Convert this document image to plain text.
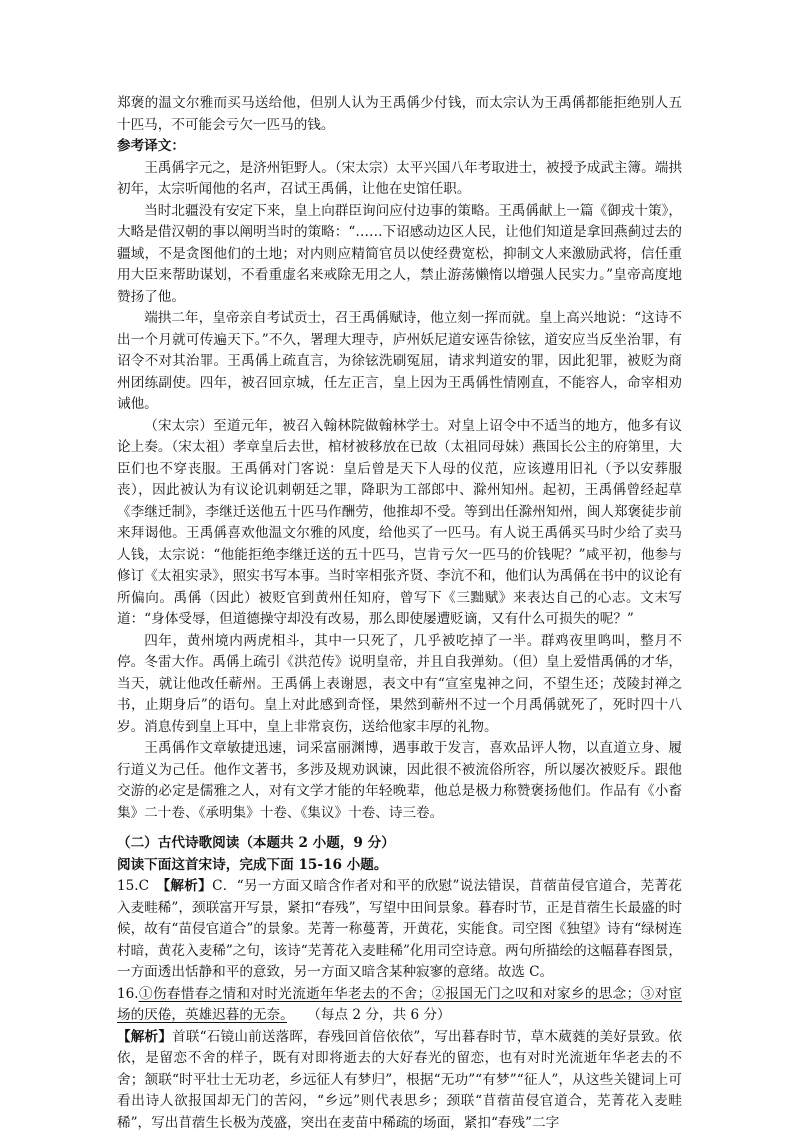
郑褒的温文尔雅而买马送给他，但别人认为王禹偁少付钱，而太宗认为王禹偁都能拒绝别人五十匹马，不可能会亏欠一匹马的钱。

参考译文：

王禹偁字元之，是济州钜野人。（宋太宗）太平兴国八年考取进士，被授予成武主簿。端拱初年，太宗听闻他的名声，召试王禹偁，让他在史馆任职。

当时北疆没有安定下来，皇上向群臣询问应付边事的策略。王禹偁献上一篇《御戎十策》，大略是借汉朝的事以阐明当时的策略：“……下诏感动边区人民，让他们知道是拿回燕蓟过去的疆域，不是贪图他们的土地；对内则应精简官员以使经费宽松，抑制文人来激励武将，信任重用大臣来帮助谋划，不看重虚名来戒除无用之人，禁止游荡懒惰以增强人民实力。”皇帝高度地赞扬了他。

端拱二年，皇帝亲自考试贡士，召王禹偁赋诗，他立刻一挥而就。皇上高兴地说：“这诗不出一个月就可传遍天下。”不久，署理大理寺，庐州妖尼道安诬告徐铉，道安应当反坐治罪，有诏令不对其治罪。王禹偁上疏直言，为徐铉洗刷冤屈，请求判道安的罪，因此犯罪，被贬为商州团练副使。四年，被召回京城，任左正言，皇上因为王禹偁性情刚直，不能容人，命宰相劝诫他。

（宋太宗）至道元年，被召入翰林院做翰林学士。对皇上诏令中不适当的地方，他多有议论上奏。（宋太祖）孝章皇后去世，棺材被移放在已故（太祖同母妹）燕国长公主的府第里，大臣们也不穿丧服。王禹偁对门客说：皇后曾是天下人母的仪范，应该遵用旧礼（予以安葬服丧），因此被认为有议论讥刺朝廷之罪，降职为工部郎中、滁州知州。起初，王禹偁曾经起草《李继迁制》，李继迁送他五十匹马作酬劳，他推却不受。等到出任滁州知州，闽人郑褒徒步前来拜谒他。王禹偁喜欢他温文尔雅的风度，给他买了一匹马。有人说王禹偁买马时少给了卖马人钱，太宗说：“他能拒绝李继迁送的五十匹马，岂肯亏欠一匹马的价钱呢？”咸平初，他参与修订《太祖实录》，照实书写本事。当时宰相张齐贤、李沆不和，他们认为禹偁在书中的议论有所偏向。禹偁（因此）被贬官到黄州任知府，曾写下《三黜赋》来表达自己的心志。文末写道：“身体受辱，但道德操守却没有改易，那么即使屡遭贬谪，又有什么可损失的呢？”

四年，黄州境内两虎相斗，其中一只死了，几乎被吃掉了一半。群鸡夜里鸣叫，整月不停。冬雷大作。禹偁上疏引《洪范传》说明皇帝，并且自我弹劾。（但）皇上爱惜禹偁的才华，当天，就让他改任蕲州。王禹偁上表谢恩，表文中有“宣室鬼神之问，不望生还；茂陵封禅之书，止期身后”的语句。皇上对此感到奇怪，果然到蕲州不过一个月禹偁就死了，死时四十八岁。消息传到皇上耳中，皇上非常哀伤，送给他家丰厚的礼物。

王禹偁作文章敏捷迅速，词采富丽渊博，遇事敢于发言，喜欢品评人物，以直道立身、履行道义为己任。他作文著书，多涉及规劝讽谏，因此很不被流俗所容，所以屡次被贬斥。跟他交游的必定是儒雅之人，对有文学才能的年轻晚辈，他总是极力称赞褒扬他们。作品有《小畜集》二十卷、《承明集》十卷、《集议》十卷、诗三卷。

（二）古代诗歌阅读（本题共 2 小题，9 分）

阅读下面这首宋诗，完成下面 15-16 小题。

15.C　 【解析】C．“另一方面又暗含作者对和平的欣慰”说法错误，苜蓿苗侵官道合，芜菁花入麦畦稀”，颈联富开写景，紧扣“春残”，写望中田间景象。暮春时节，正是苜蓿生长最盛的时候，故有“苗侵官道合”的景象。芜菁一称蔓菁，开黄花，实能食。司空图《独望》诗有“绿树连村暗，黄花入麦稀”之句，该诗“芜菁花入麦畦稀”化用司空诗意。两句所描绘的这幅暮春图景，一方面透出恬静和平的意致，另一方面又暗含某种寂寥的意绪。故选 C。

16.①伤春惜春之情和对时光流逝年华老去的不舍；②报国无门之叹和对家乡的思念；③对宦场的厌倦，英雄迟暮的无奈。　　 （每点 2 分，共 6 分）

【解析】首联“石镜山前送落晖，春残回首倍依依”，写出暮春时节，草木葳蕤的美好景致。依依，是留恋不舍的样子，既有对即将逝去的大好春光的留恋，也有对时光流逝年华老去的不舍；颔联“时平壮士无功老，乡远征人有梦归”，根据“无功”“有梦”“征人”，从这些关键词上可看出诗人欲报国却无门的苦闷，“乡远”则代表思乡；颈联“苜蓿苗侵官道合，芜菁花入麦畦稀”，写出苜蓿生长极为茂盛，突出在麦苗中稀疏的场面，紧扣“春残”二字
